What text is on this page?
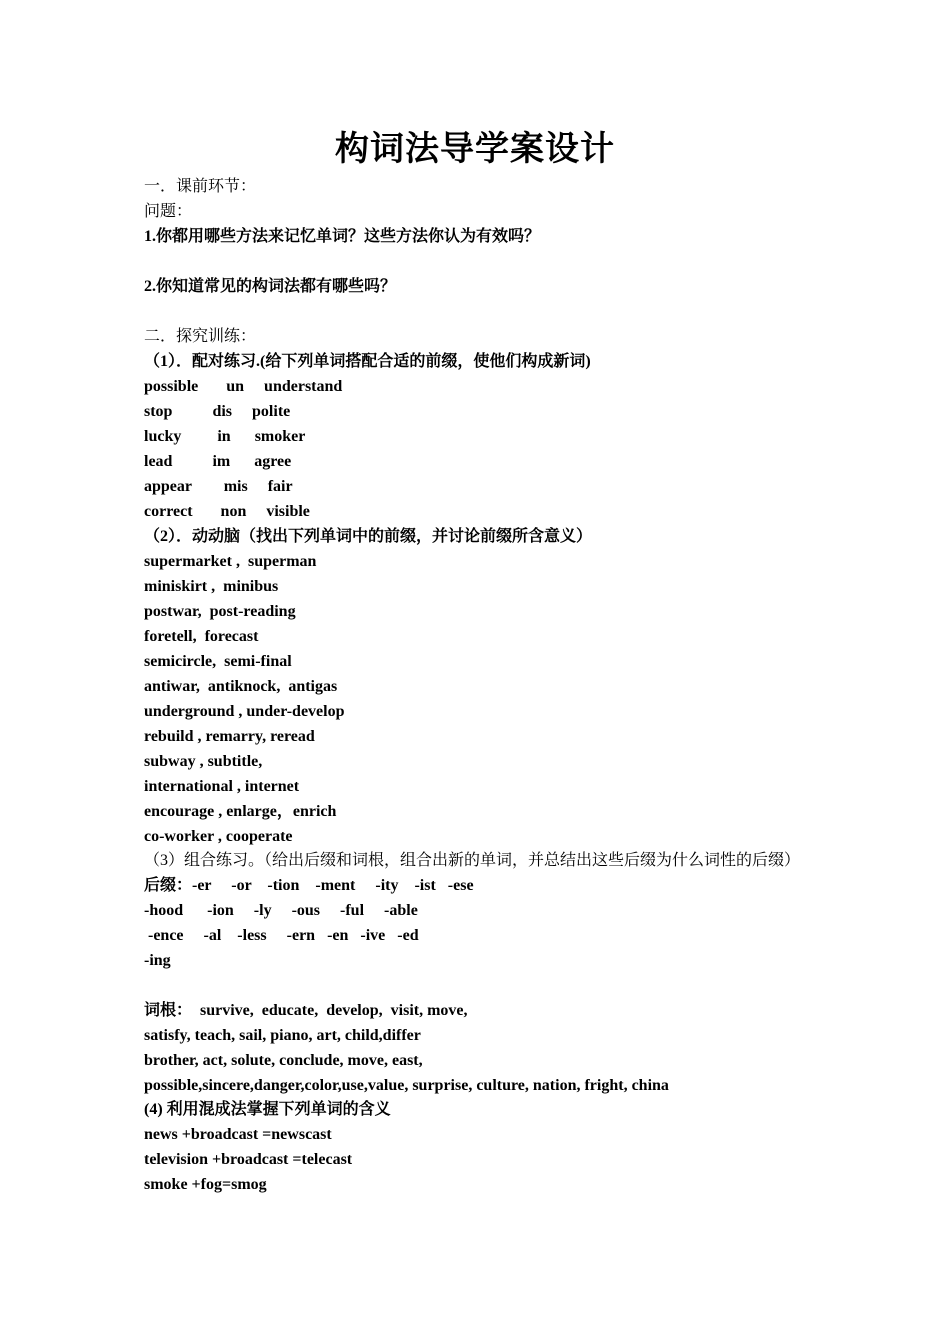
构词法导学案设计
一．课前环节：
问题：
1.你都用哪些方法来记忆单词？这些方法你认为有效吗？
2.你知道常见的构词法都有哪些吗？
二．探究训练：
（1）．配对练习.(给下列单词搭配合适的前缀，使他们构成新词)
possible       un     understand
stop          dis     polite
lucky         in      smoker
lead          im      agree
appear        mis     fair
correct       non     visible
（2）．动动脑（找出下列单词中的前缀，并讨论前缀所含意义）
supermarket ,  superman
miniskirt ,  minibus
postwar,  post-reading
foretell,  forecast
semicircle,  semi-final
antiwar,  antiknock,  antigas
underground , under-develop
rebuild , remarry, reread
subway , subtitle,
international , internet
encourage , enlarge，enrich
co-worker , cooperate
（3）组合练习。（给出后缀和词根，组合出新的单词，并总结出这些后缀为什么词性的后缀）
后缀：-er     -or    -tion    -ment     -ity    -ist   -ese
-hood      -ion     -ly     -ous     -ful     -able
-ence     -al    -less     -ern   -en   -ive   -ed
-ing
词根：  survive,  educate,  develop,  visit, move,
satisfy, teach, sail, piano, art, child,differ
brother, act, solute, conclude, move, east,
possible,sincere,danger,color,use,value, surprise, culture, nation, fright, china
(4) 利用混成法掌握下列单词的含义
news +broadcast =newscast
television +broadcast =telecast
smoke +fog=smog
